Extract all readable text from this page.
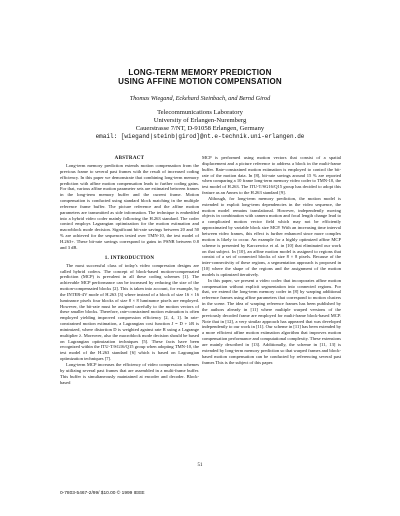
LONG-TERM MEMORY PREDICTION
USING AFFINE MOTION COMPENSATION
Thomas Wiegand, Eckehard Steinbach, and Bernd Girod
Telecommunications Laboratory
University of Erlangen-Nuremberg
Cauerstrasse 7/NT, D-91058 Erlangen, Germany
email: [wiegand|steinb|girod]@nt.e-technik.uni-erlangen.de
ABSTRACT
Long-term memory prediction extends motion compensation from the previous frame to several past frames with the result of increased coding efficiency. In this paper we demonstrate that combining long-term memory prediction with affine motion compensation leads to further coding gains. For that, various affine motion parameter sets are estimated between frames in the long-term memory buffer and the current frame. Motion compensation is conducted using standard block matching in the multiple reference frame buffer. The picture reference and the affine motion parameters are transmitted as side information. The technique is embedded into a hybrid video coder mainly following the H.263 standard. The coder control employs Lagrangian optimization for the motion estimation and macroblock mode decision. Significant bit-rate savings between 20 and 50 % are achieved for the sequences tested over TMN-10, the test model of H.263+. These bit-rate savings correspond to gains in PSNR between 0.8 and 3 dB.
1. INTRODUCTION
The most successful class of today's video compression designs are called hybrid codecs. The concept of block-based motion-compensated prediction (MCP) is prevalent in all these coding schemes [1]. The achievable MCP performance can be increased by reducing the size of the motion-compensated blocks [2]. This is taken into account, for example, by the INTER-4V mode of H.263 [3] where instead of a block of size 16 × 16 luminance pixels four blocks of size 8 × 8 luminance pixels are employed. However, the bit-rate must be assigned carefully to the motion vectors of these smaller blocks. Therefore, rate-constrained motion estimation is often employed yielding improved compression efficiency [2, 4, 1]. In rate-constrained motion estimation, a Lagrangian cost function J = D + λR is minimized, where distortion D is weighted against rate R using a Lagrange multiplier λ. Moreover, also the macroblock mode decision should be based on Lagrangian optimization techniques [5]. These facts have been recognized within the ITU-T/SG16/Q15 group when adopting TMN-10, the test model of the H.263 standard [6] which is based on Lagrangian optimization techniques [7].
Long-term MCP increases the efficiency of video compression schemes by utilizing several past frames that are assembled in a multi-frame buffer. This buffer is simultaneously maintained at encoder and decoder. Block-based
MCP is performed using motion vectors that consist of a spatial displacement and a picture reference to address a block in the multi-frame buffer. Rate-constrained motion estimation is employed to control the bit-rate of the motion data. In [8], bit-rate savings around 15 % are reported when comparing a 10 frame long-term memory video coder to TMN-10, the test model of H.263. The ITU-T/SG16/Q15 group has decided to adopt this feature as an Annex to the H.263 standard [9].
Although, for long-term memory prediction, the motion model is extended to exploit long-term dependencies in the video sequence, the motion model remains translational. However, independently moving objects in combination with camera motion and focal length change lead to a complicated motion vector field which may not be efficiently approximated by variable block size MCP. With an increasing time interval between video frames, this effect is further enhanced since more complex motion is likely to occur. An example for a highly optimized affine MCP scheme is presented by Karczewicz et al. in [10] that eliminated our work on that subject. In [10], an affine motion model is assigned to regions that consist of a set of connected blocks of size 8 × 8 pixels. Because of the inter-connectivity of these regions, a segmentation approach is proposed in [10] where the shape of the regions and the assignment of the motion models is optimized iteratively.
In this paper, we present a video codec that incorporates affine motion compensation without explicit segmentation into connected regions. For that, we extend the long-term memory coder in [8] by warping additional reference frames using affine parameters that correspond to motion clusters in the scene. The idea of warping reference frames has been published by the authors already in [11] where multiple warped versions of the previously decoded frame are employed for multi-frame block-based MCP. Note that in [12], a very similar approach has appeared that was developed independently to our work in [11]. Our scheme in [11] has been extended by a more efficient affine motion estimation algorithm that improves motion compensation performance and computational complexity. These extensions are mainly described in [13]. Additionally, the scheme in [11, 13] is extended by long-term memory prediction so that warped frames and block-based motion compensation can be conducted by referencing several past frames This is the subject of this paper.
51
0-7803-5467-2/99/ $10.00 © 1999 IEEE
